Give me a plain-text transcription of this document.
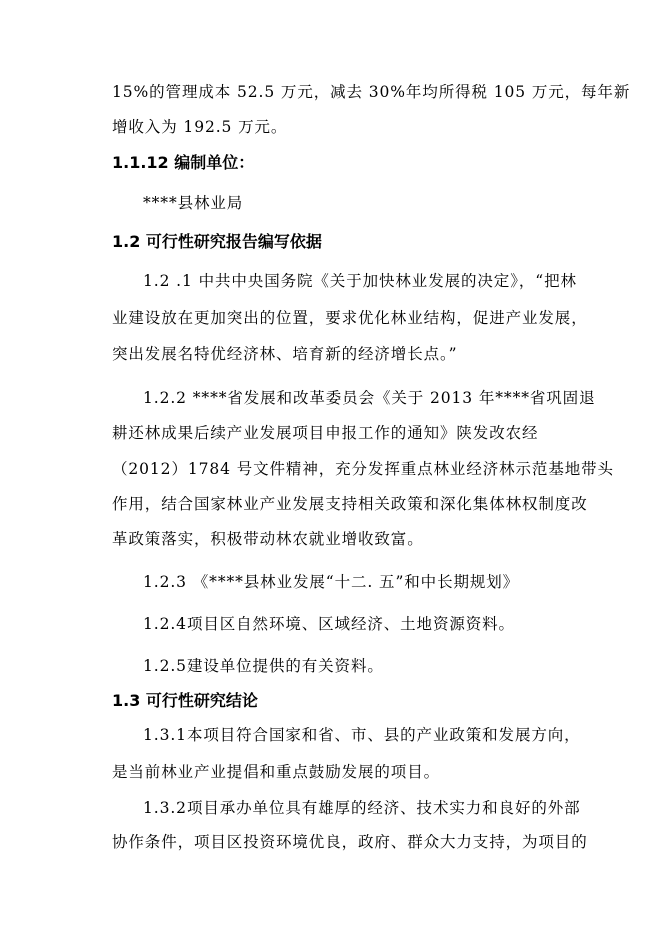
15%的管理成本 52.5 万元，减去 30%年均所得税 105 万元，每年新
增收入为 192.5 万元。
1.1.12 编制单位：
****县林业局
1.2 可行性研究报告编写依据
1.2 .1 中共中央国务院《关于加快林业发展的决定》，“把林
业建设放在更加突出的位置，要求优化林业结构，促进产业发展，
突出发展名特优经济林、培育新的经济增长点。”
1.2.2 ****省发展和改革委员会《关于 2013 年****省巩固退
耕还林成果后续产业发展项目申报工作的通知》陕发改农经
（2012）1784 号文件精神，充分发挥重点林业经济林示范基地带头
作用，结合国家林业产业发展支持相关政策和深化集体林权制度改
革政策落实，积极带动林农就业增收致富。
1.2.3 《****县林业发展“十二. 五”和中长期规划》
1.2.4项目区自然环境、区域经济、土地资源资料。
1.2.5建设单位提供的有关资料。
1.3 可行性研究结论
1.3.1本项目符合国家和省、市、县的产业政策和发展方向，
是当前林业产业提倡和重点鼓励发展的项目。
1.3.2项目承办单位具有雄厚的经济、技术实力和良好的外部
协作条件，项目区投资环境优良，政府、群众大力支持，为项目的
